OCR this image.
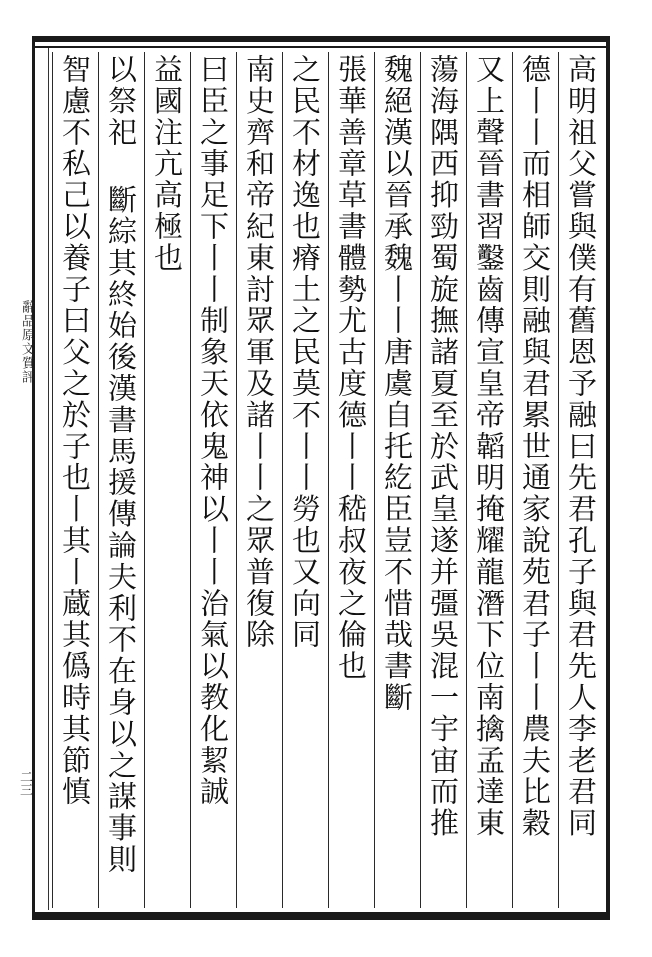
辭品原文質評
二三	高明祖父嘗與僕有舊恩予融曰先君孔子與君先人李老君同
德丨丨而相師交則融與君累世通家說苑君子丨丨農夫比穀
又上聲晉書習鑿齒傳宣皇帝韜明掩耀龍潛下位南擒孟達東
蕩海隅西抑勁蜀旋撫諸夏至於武皇遂并彊吳混一宇宙而推
魏絕漢以晉承魏丨丨唐虞自托紇臣豈不惜哉書斷
張華善章草書體勢尤古度德丨丨嵇叔夜之倫也
之民不材逸也瘠土之民莫不丨丨勞也又向同
南史齊和帝紀東討眾軍及諸丨丨之眾普復除
曰臣之事足下丨丨制象天依鬼神以丨丨治氣以教化絜誠
益國注亢高極也
以祭祀 斷綜其終始後漢書馬援傳論夫利不在身以之謀事則
智慮不私己以養子曰父之於子也丨其丨蔵其僞時其節慎
